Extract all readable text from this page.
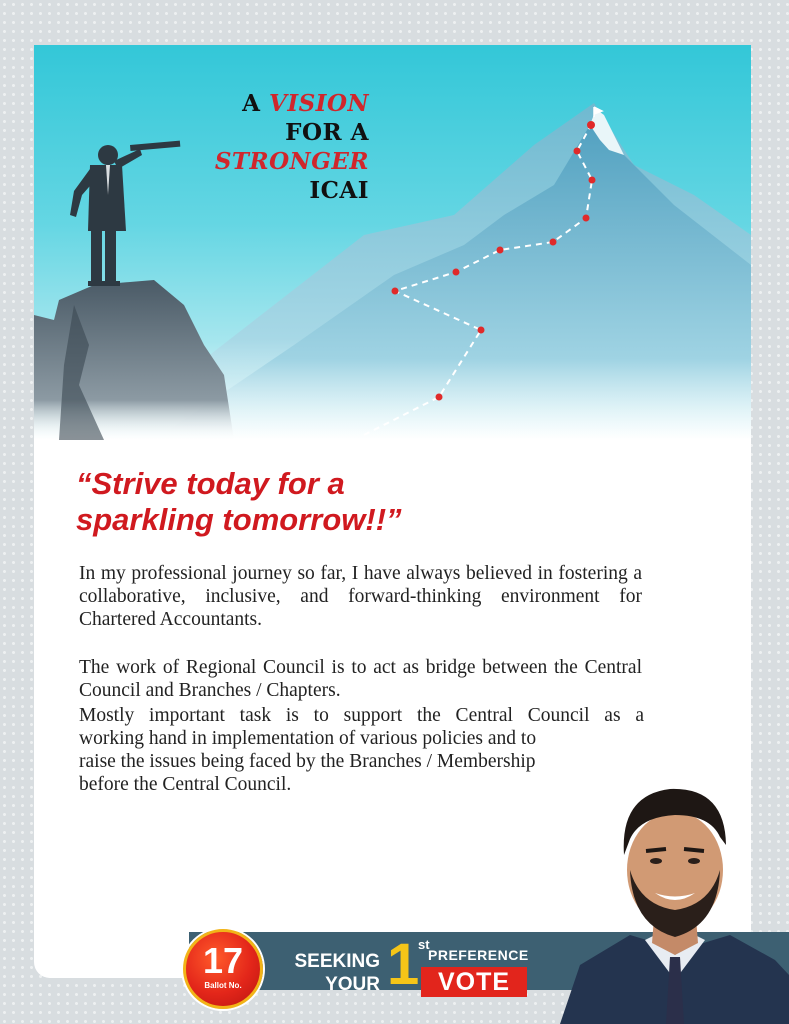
A VISION
FOR A
STRONGER
ICAI
“Strive today for a
sparkling tomorrow!!”

In my professional journey so far, I have always believed in fostering a collaborative, inclusive, and forward-thinking environment for Chartered Accountants.

The work of Regional Council is to act as bridge between the Central Council and Branches / Chapters.

Mostly important task is to support the Central Council as a
working hand in implementation of various policies and to
raise the issues being faced by the Branches / Membership
before the Central Council.
17
Ballot No.
SEEKING
YOUR 1
st
PREFERENCE
VOTE
